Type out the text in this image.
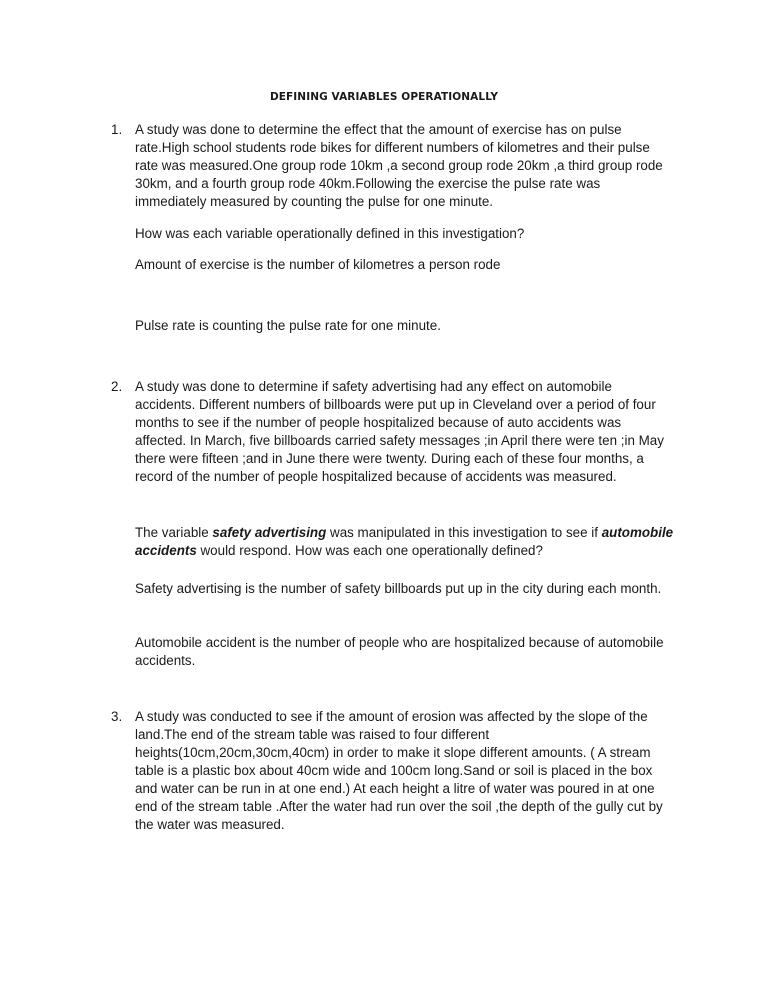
DEFINING VARIABLES OPERATIONALLY
1. A study was done to determine the effect that the amount of exercise has on pulse rate.High school students rode bikes for different numbers of kilometres and their pulse rate was measured.One group rode 10km ,a second group rode 20km ,a third group rode 30km, and a fourth group rode 40km.Following the exercise the pulse rate was immediately measured by counting the pulse for one minute.

How was each variable operationally defined in this investigation?

Amount of exercise is the number of kilometres a person rode

Pulse rate is counting the pulse rate for one minute.

2. A study was done to determine if safety advertising had any effect on automobile accidents. Different numbers of billboards were put up in Cleveland over a period of four months to see if the number of people hospitalized because of auto accidents was affected. In March, five billboards carried safety messages ;in April there were ten ;in May there were fifteen ;and in June there were twenty. During each of these four months, a record of the number of people hospitalized because of accidents was measured.

The variable safety advertising was manipulated in this investigation to see if automobile accidents would respond. How was each one operationally defined?

Safety advertising is the number of safety billboards put up in the city during each month.

Automobile accident is the number of people who are hospitalized because of automobile accidents.

3. A study was conducted to see if the amount of erosion was affected by the slope of the land.The end of the stream table was raised to four different heights(10cm,20cm,30cm,40cm) in order to make it slope different amounts. ( A stream table is a plastic box about 40cm wide and 100cm long.Sand or soil is placed in the box and water can be run in at one end.) At each height a litre of water was poured in at one end of the stream table .After the water had run over the soil ,the depth of the gully cut by the water was measured.
